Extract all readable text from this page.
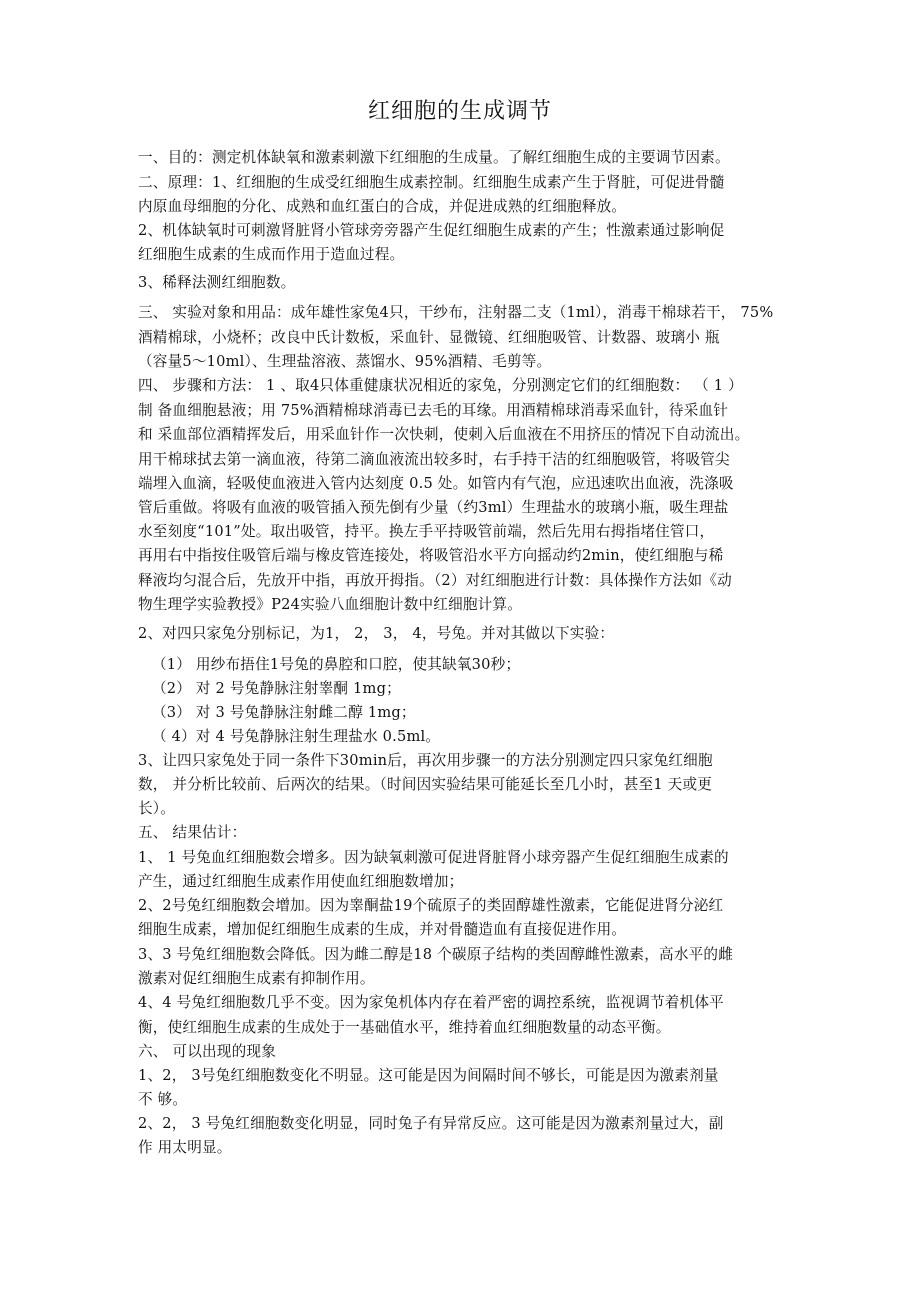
红细胞的生成调节
一、目的：测定机体缺氧和激素刺激下红细胞的生成量。了解红细胞生成的主要调节因素。
二、原理：1、红细胞的生成受红细胞生成素控制。红细胞生成素产生于肾脏，可促进骨髓
内原血母细胞的分化、成熟和血红蛋白的合成，并促进成熟的红细胞释放。
2、机体缺氧时可刺激肾脏肾小管球旁旁器产生促红细胞生成素的产生；性激素通过影响促
红细胞生成素的生成而作用于造血过程。
3、稀释法测红细胞数。
三、 实验对象和用品：成年雄性家兔4只，干纱布，注射器二支（1ml），消毒干棉球若干， 75%
酒精棉球，小烧杯；改良中氏计数板，采血针、显微镜、红细胞吸管、计数器、玻璃小 瓶
（容量5～10ml）、生理盐溶液、蒸馏水、95%酒精、毛剪等。
四、 步骤和方法： 1 、取4只体重健康状况相近的家兔，分别测定它们的红细胞数： （ 1 ）
制 备血细胞悬液；用 75%酒精棉球消毒已去毛的耳缘。用酒精棉球消毒采血针，待采血针
和 采血部位酒精挥发后，用采血针作一次快刺，使刺入后血液在不用挤压的情况下自动流出。
用干棉球拭去第一滴血液，待第二滴血液流出较多时，右手持干洁的红细胞吸管，将吸管尖
端埋入血滴，轻吸使血液进入管内达刻度 0.5 处。如管内有气泡，应迅速吹出血液，洗涤吸
管后重做。将吸有血液的吸管插入预先倒有少量（约3ml）生理盐水的玻璃小瓶，吸生理盐
水至刻度“101”处。取出吸管，持平。换左手平持吸管前端，然后先用右拇指堵住管口，
再用右中指按住吸管后端与橡皮管连接处，将吸管沿水平方向摇动约2min，使红细胞与稀
释液均匀混合后，先放开中指，再放开拇指。（2）对红细胞进行计数：具体操作方法如《动
物生理学实验教授》P24实验八血细胞计数中红细胞计算。
2、对四只家兔分别标记，为1， 2， 3， 4，号兔。并对其做以下实验：
（1） 用纱布捂住1号兔的鼻腔和口腔，使其缺氧30秒；
（2） 对 2 号兔静脉注射睾酮 1mg；
（3） 对 3 号兔静脉注射雌二醇 1mg；
（ 4）对 4 号兔静脉注射生理盐水 0.5ml。
3、让四只家兔处于同一条件下30min后，再次用步骤一的方法分别测定四只家兔红细胞
数， 并分析比较前、后两次的结果。（时间因实验结果可能延长至几小时，甚至1 天或更
长）。
五、 结果估计：
1、 1 号兔血红细胞数会增多。因为缺氧刺激可促进肾脏肾小球旁器产生促红细胞生成素的
产生，通过红细胞生成素作用使血红细胞数增加；
2、2号兔红细胞数会增加。因为睾酮盐19个硫原子的类固醇雄性激素，它能促进肾分泌红
细胞生成素，增加促红细胞生成素的生成，并对骨髓造血有直接促进作用。
3、3 号兔红细胞数会降低。因为雌二醇是18 个碳原子结构的类固醇雌性激素，高水平的雌
激素对促红细胞生成素有抑制作用。
4、4 号兔红细胞数几乎不变。因为家兔机体内存在着严密的调控系统，监视调节着机体平
衡，使红细胞生成素的生成处于一基础值水平，维持着血红细胞数量的动态平衡。
六、 可以出现的现象
1、2， 3号兔红细胞数变化不明显。这可能是因为间隔时间不够长，可能是因为激素剂量
不 够。
2、2， 3 号兔红细胞数变化明显，同时兔子有异常反应。这可能是因为激素剂量过大，副
作 用太明显。
